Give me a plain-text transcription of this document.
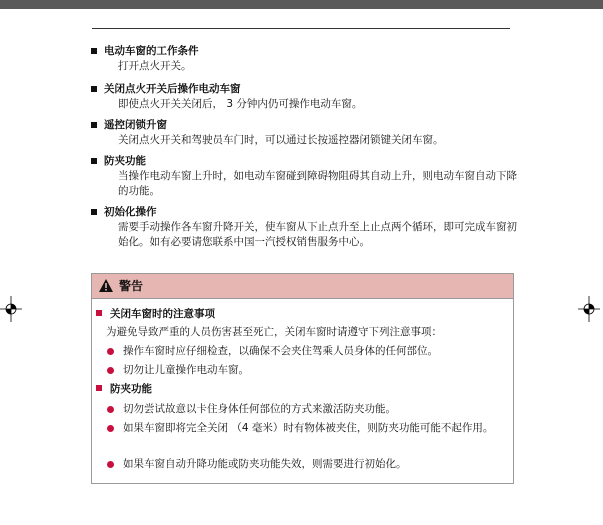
电动车窗的工作条件
打开点火开关。
关闭点火开关后操作电动车窗
即使点火开关关闭后， 3 分钟内仍可操作电动车窗。
遥控闭锁升窗
关闭点火开关和驾驶员车门时，可以通过长按遥控器闭锁键关闭车窗。
防夹功能
当操作电动车窗上升时，如电动车窗碰到障碍物阻碍其自动上升，则电动车窗自动下降的功能。
初始化操作
需要手动操作各车窗升降开关，使车窗从下止点升至上止点两个循环，即可完成车窗初始化。如有必要请您联系中国一汽授权销售服务中心。
警告
关闭车窗时的注意事项
为避免导致严重的人员伤害甚至死亡，关闭车窗时请遵守下列注意事项：
操作车窗时应仔细检查，以确保不会夹住驾乘人员身体的任何部位。
切勿让儿童操作电动车窗。
防夹功能
切勿尝试故意以卡住身体任何部位的方式来激活防夹功能。
如果车窗即将完全关闭 （4 毫米）时有物体被夹住，则防夹功能可能不起作用。
如果车窗自动升降功能或防夹功能失效，则需要进行初始化。
